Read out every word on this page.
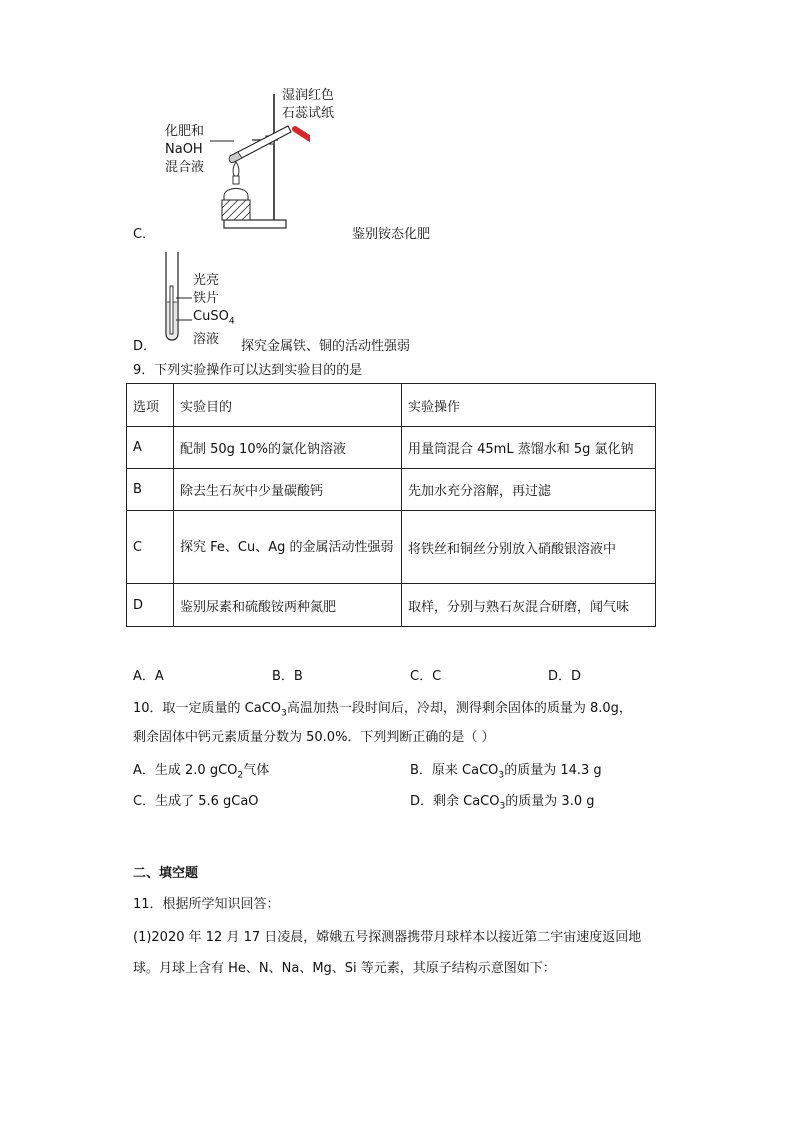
湿润红色
石蕊试纸
化肥和
NaOH
混合液
C．	鉴别铵态化肥
光亮
铁片
CuSO$_4$
溶液
D．	探究金属铁、铜的活动性强弱
9．下列实验操作可以达到实验目的的是
选项	实验目的	实验操作
A	配制 50g 10%的氯化钠溶液	用量筒混合 45mL 蒸馏水和 5g 氯化钠
B	除去生石灰中少量碳酸钙	先加水充分溶解，再过滤
C	探究 Fe、Cu、Ag 的金属活动性强弱	将铁丝和铜丝分别放入硝酸银溶液中
D	鉴别尿素和硫酸铵两种氮肥	取样，分别与熟石灰混合研磨，闻气味
A．A	B．B	C．C	D．D
10．取一定质量的 CaCO$_3$高温加热一段时间后，冷却，测得剩余固体的质量为 8.0g，
剩余固体中钙元素质量分数为 50.0%．下列判断正确的是（ ）
A．生成 2.0 gCO$_2$气体	B．原来 CaCO$_3$的质量为 14.3 g
C．生成了 5.6 gCaO	D．剩余 CaCO$_3$的质量为 3.0 g
二、填空题
11．根据所学知识回答：
(1)2020 年 12 月 17 日凌晨，嫦娥五号探测器携带月球样本以接近第二宇宙速度返回地
球。月球上含有 He、N、Na、Mg、Si 等元素，其原子结构示意图如下：
